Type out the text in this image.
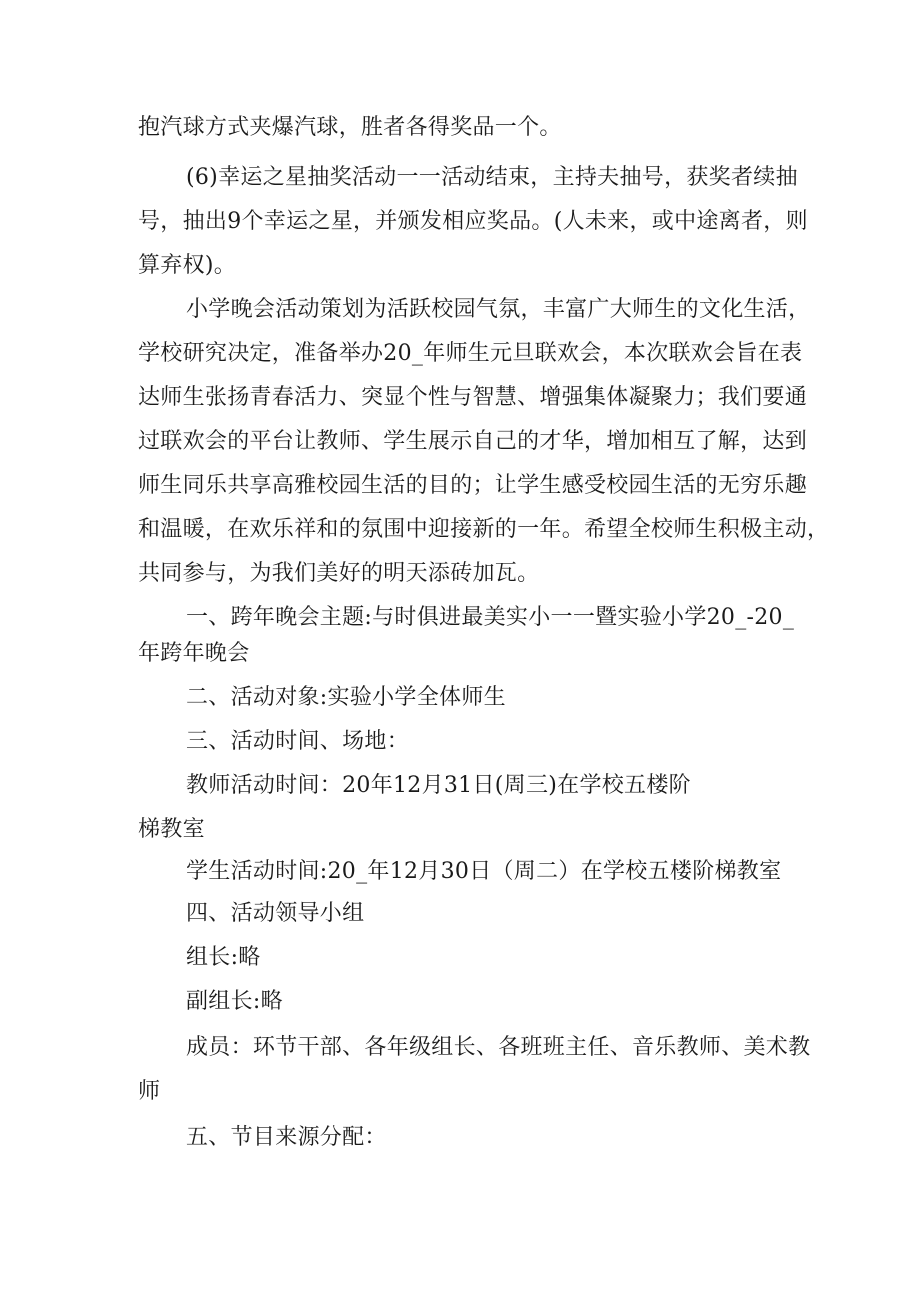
抱汽球方式夹爆汽球，胜者各得奖品一个。
(6)幸运之星抽奖活动一一活动结束，主持夫抽号，获奖者续抽
号，抽出9个幸运之星，并颁发相应奖品。(人未来，或中途离者，则
算弃权)。
小学晚会活动策划为活跃校园气氛，丰富广大师生的文化生活，
学校研究决定，准备举办20_年师生元旦联欢会，本次联欢会旨在表
达师生张扬青春活力、突显个性与智慧、增强集体凝聚力；我们要通
过联欢会的平台让教师、学生展示自己的才华，增加相互了解，达到
师生同乐共享高雅校园生活的目的；让学生感受校园生活的无穷乐趣
和温暖，在欢乐祥和的氛围中迎接新的一年。希望全校师生积极主动，
共同参与，为我们美好的明天添砖加瓦。
一、跨年晚会主题:与时俱进最美实小一一暨实验小学20_-20_
年跨年晚会
二、活动对象:实验小学全体师生
三、活动时间、场地：
教师活动时间：20年12月31日(周三)在学校五楼阶
梯教室
学生活动时间:20_年12月30日（周二）在学校五楼阶梯教室
四、活动领导小组
组长:略
副组长:略
成员：环节干部、各年级组长、各班班主任、音乐教师、美术教
师
五、节目来源分配：
